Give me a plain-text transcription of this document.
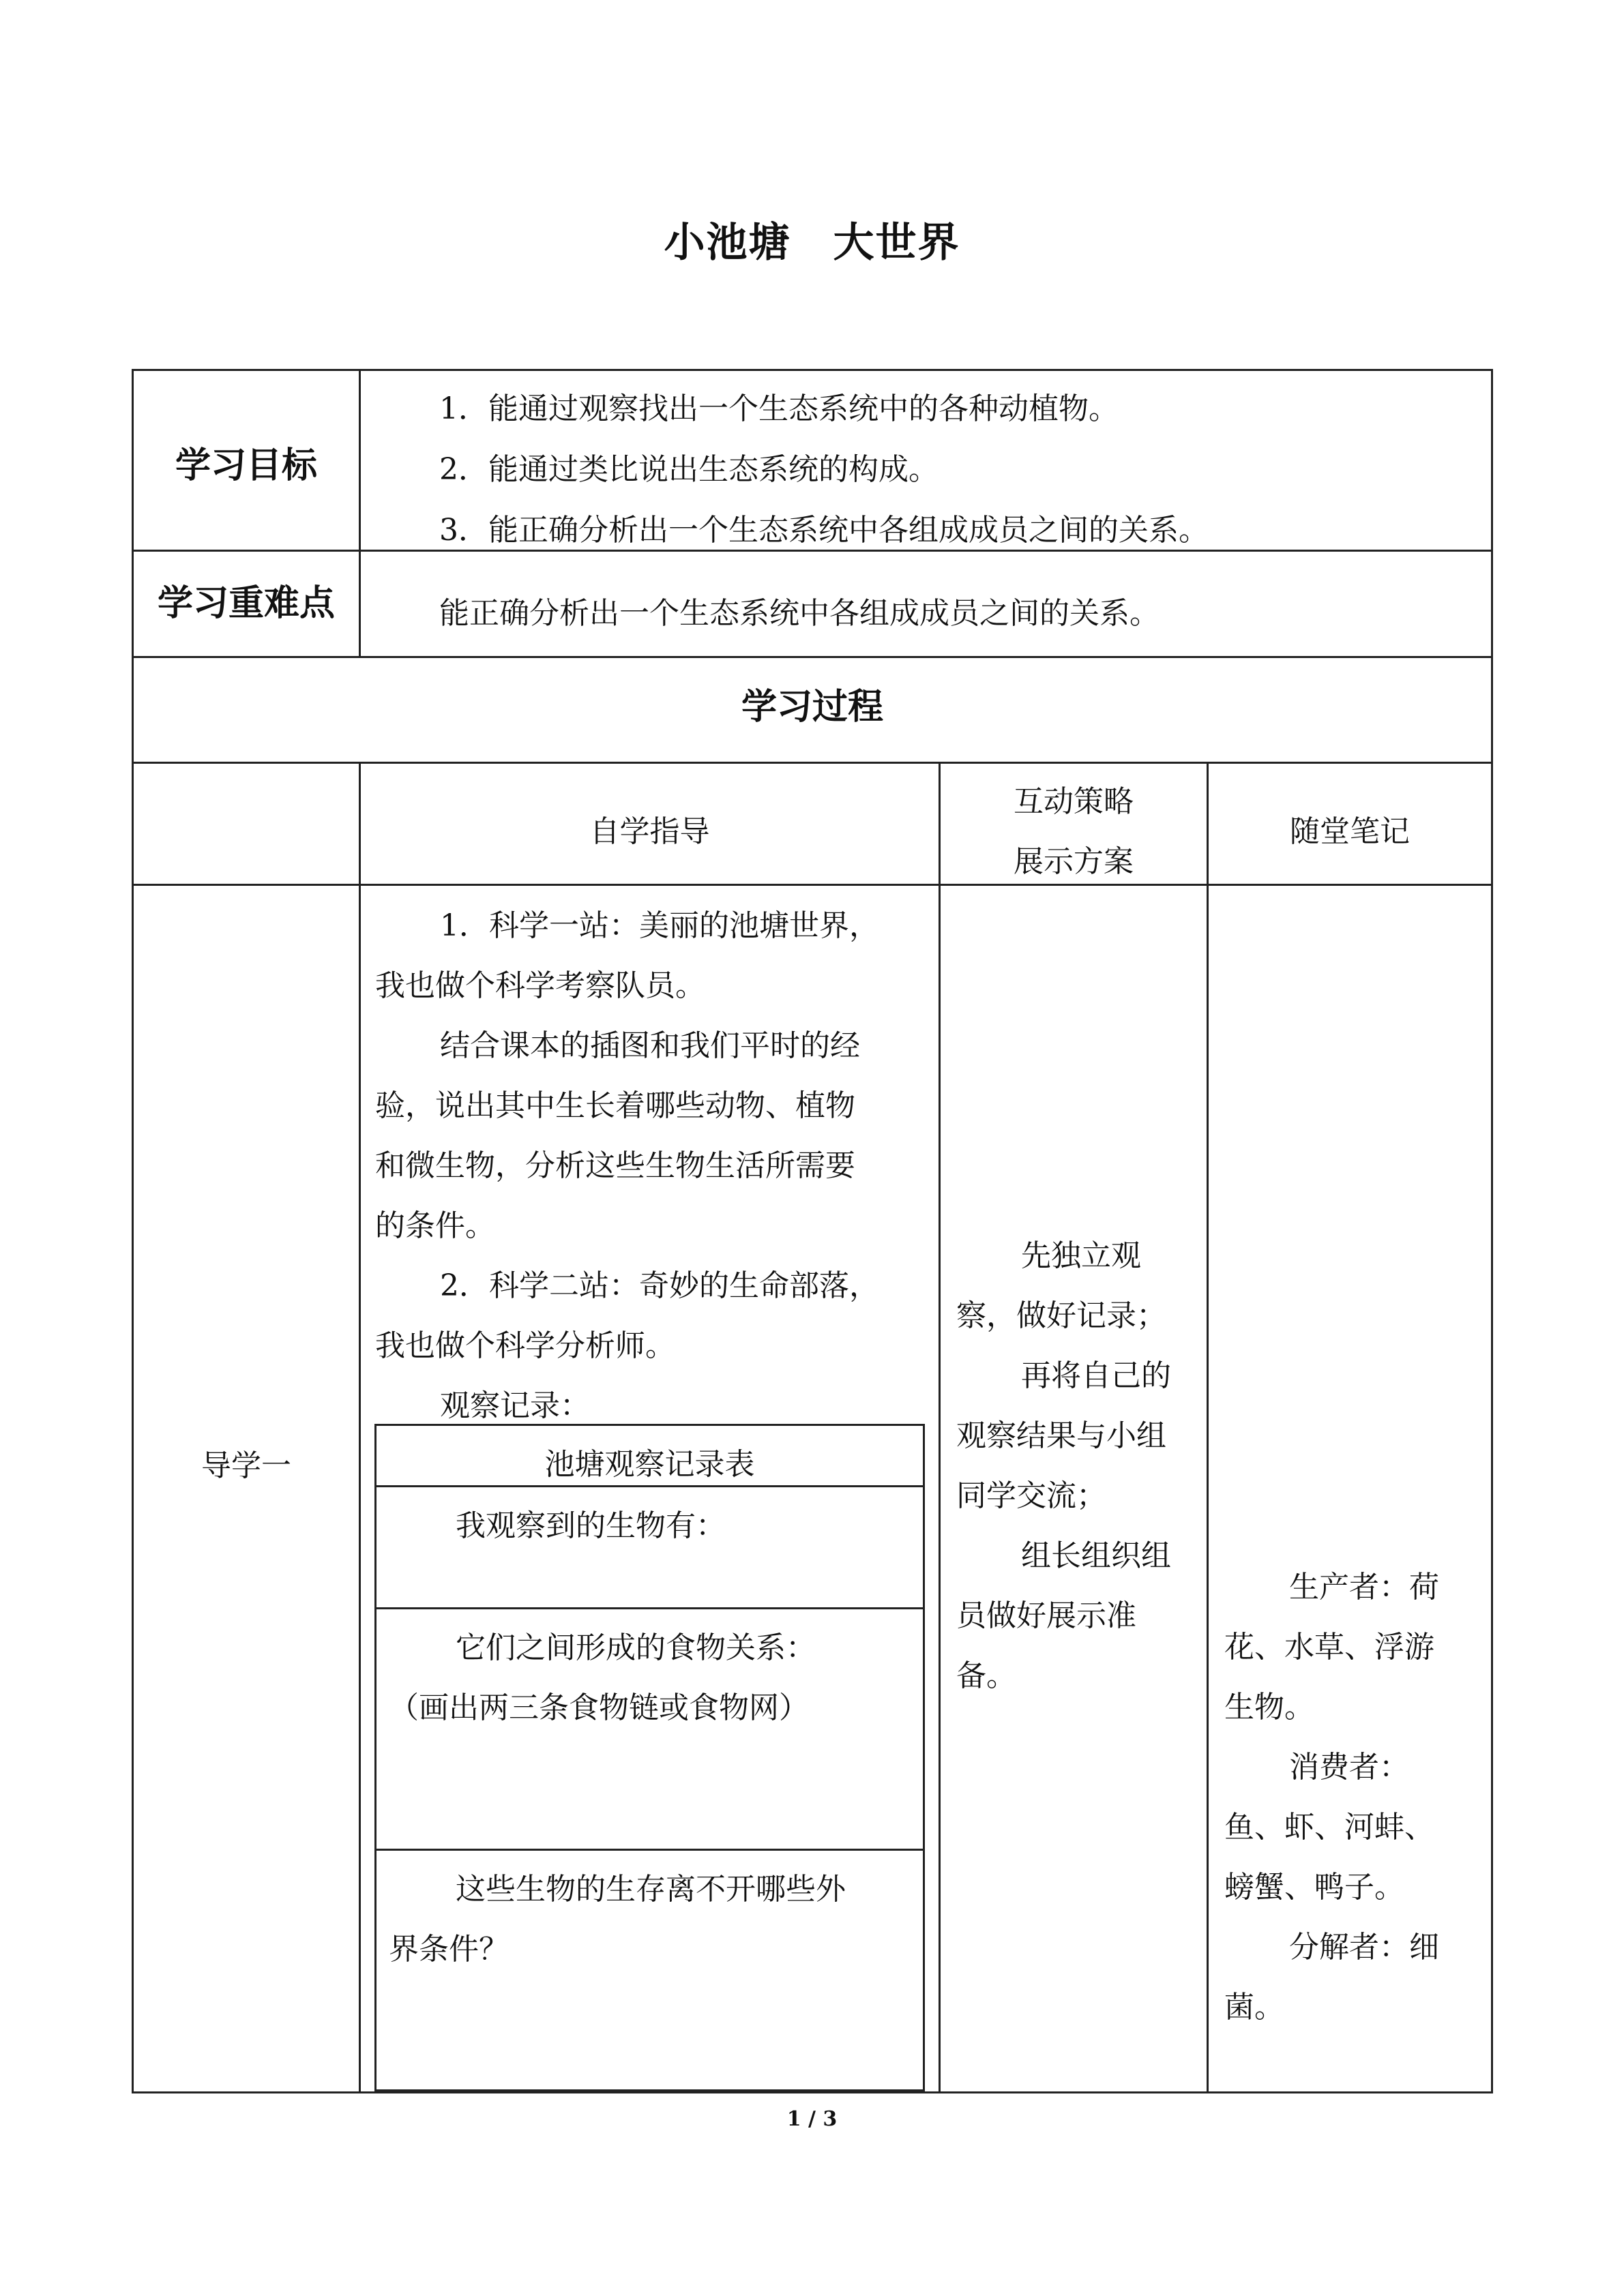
小池塘　大世界
学习目标
1．能通过观察找出一个生态系统中的各种动植物。
2．能通过类比说出生态系统的构成。
3．能正确分析出一个生态系统中各组成成员之间的关系。
学习重难点	能正确分析出一个生态系统中各组成成员之间的关系。
学习过程
自学指导
互动策略
展示方案
随堂笔记
导学一
1．科学一站：美丽的池塘世界，
我也做个科学考察队员。
结合课本的插图和我们平时的经
验，说出其中生长着哪些动物、植物
和微生物，分析这些生物生活所需要
的条件。
2．科学二站：奇妙的生命部落，
我也做个科学分析师。
观察记录：
池塘观察记录表
我观察到的生物有：
它们之间形成的食物关系：
（画出两三条食物链或食物网）
这些生物的生存离不开哪些外
界条件？
先独立观
察，做好记录；
再将自己的
观察结果与小组
同学交流；
组长组织组
员做好展示准
备。
生产者：荷
花、水草、浮游
生物。
消费者：
鱼、虾、河蚌、
螃蟹、鸭子。
分解者：细
菌。
1 / 3
